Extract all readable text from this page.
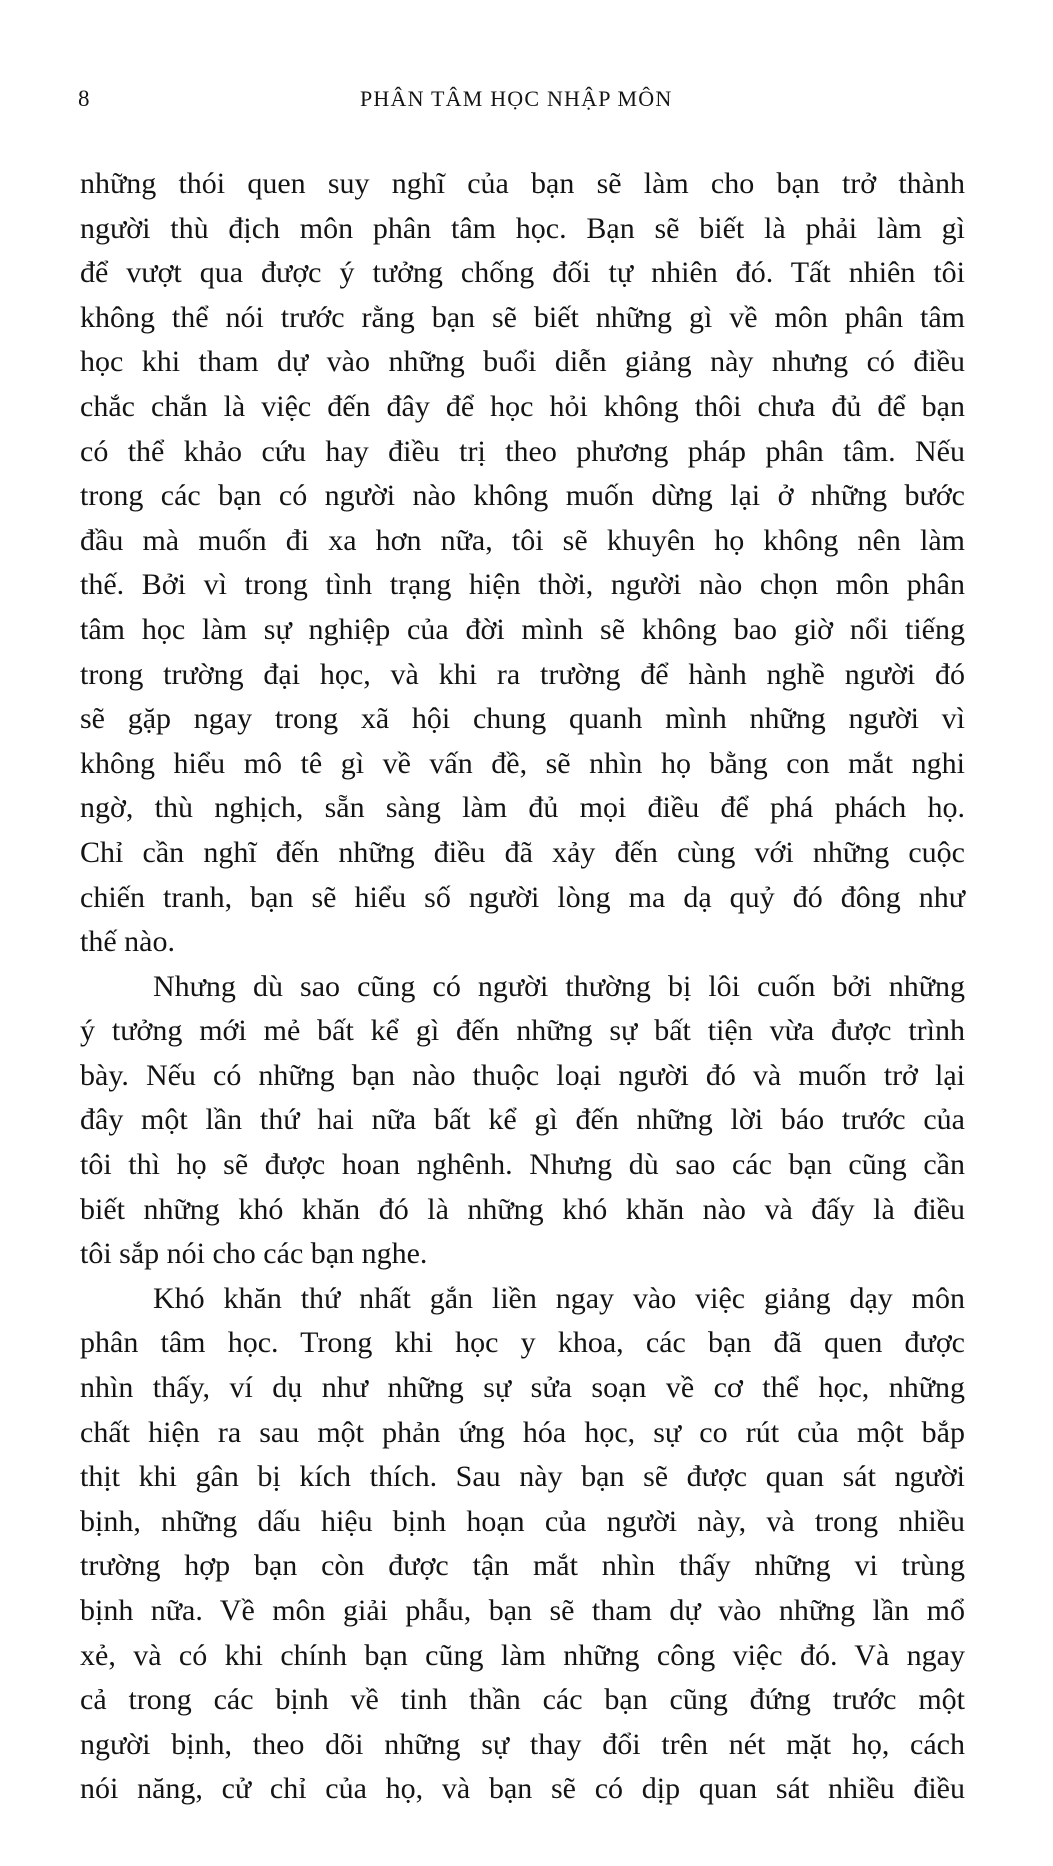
8	PHÂN TÂM HỌC NHẬP MÔN
những thói quen suy nghĩ của bạn sẽ làm cho bạn trở thành
người thù địch môn phân tâm học. Bạn sẽ biết là phải làm gì
để vượt qua được ý tưởng chống đối tự nhiên đó. Tất nhiên tôi
không thể nói trước rằng bạn sẽ biết những gì về môn phân tâm
học khi tham dự vào những buổi diễn giảng này nhưng có điều
chắc chắn là việc đến đây để học hỏi không thôi chưa đủ để bạn
có thể khảo cứu hay điều trị theo phương pháp phân tâm. Nếu
trong các bạn có người nào không muốn dừng lại ở những bước
đầu mà muốn đi xa hơn nữa, tôi sẽ khuyên họ không nên làm
thế. Bởi vì trong tình trạng hiện thời, người nào chọn môn phân
tâm học làm sự nghiệp của đời mình sẽ không bao giờ nổi tiếng
trong trường đại học, và khi ra trường để hành nghề người đó
sẽ gặp ngay trong xã hội chung quanh mình những người vì
không hiểu mô tê gì về vấn đề, sẽ nhìn họ bằng con mắt nghi
ngờ, thù nghịch, sẵn sàng làm đủ mọi điều để phá phách họ.
Chỉ cần nghĩ đến những điều đã xảy đến cùng với những cuộc
chiến tranh, bạn sẽ hiểu số người lòng ma dạ quỷ đó đông như
thế nào.
Nhưng dù sao cũng có người thường bị lôi cuốn bởi những
ý tưởng mới mẻ bất kể gì đến những sự bất tiện vừa được trình
bày. Nếu có những bạn nào thuộc loại người đó và muốn trở lại
đây một lần thứ hai nữa bất kể gì đến những lời báo trước của
tôi thì họ sẽ được hoan nghênh. Nhưng dù sao các bạn cũng cần
biết những khó khăn đó là những khó khăn nào và đấy là điều
tôi sắp nói cho các bạn nghe.
Khó khăn thứ nhất gắn liền ngay vào việc giảng dạy môn
phân tâm học. Trong khi học y khoa, các bạn đã quen được
nhìn thấy, ví dụ như những sự sửa soạn về cơ thể học, những
chất hiện ra sau một phản ứng hóa học, sự co rút của một bắp
thịt khi gân bị kích thích. Sau này bạn sẽ được quan sát người
bịnh, những dấu hiệu bịnh hoạn của người này, và trong nhiều
trường hợp bạn còn được tận mắt nhìn thấy những vi trùng
bịnh nữa. Về môn giải phẫu, bạn sẽ tham dự vào những lần mổ
xẻ, và có khi chính bạn cũng làm những công việc đó. Và ngay
cả trong các bịnh về tinh thần các bạn cũng đứng trước một
người bịnh, theo dõi những sự thay đổi trên nét mặt họ, cách
nói năng, cử chỉ của họ, và bạn sẽ có dịp quan sát nhiều điều
